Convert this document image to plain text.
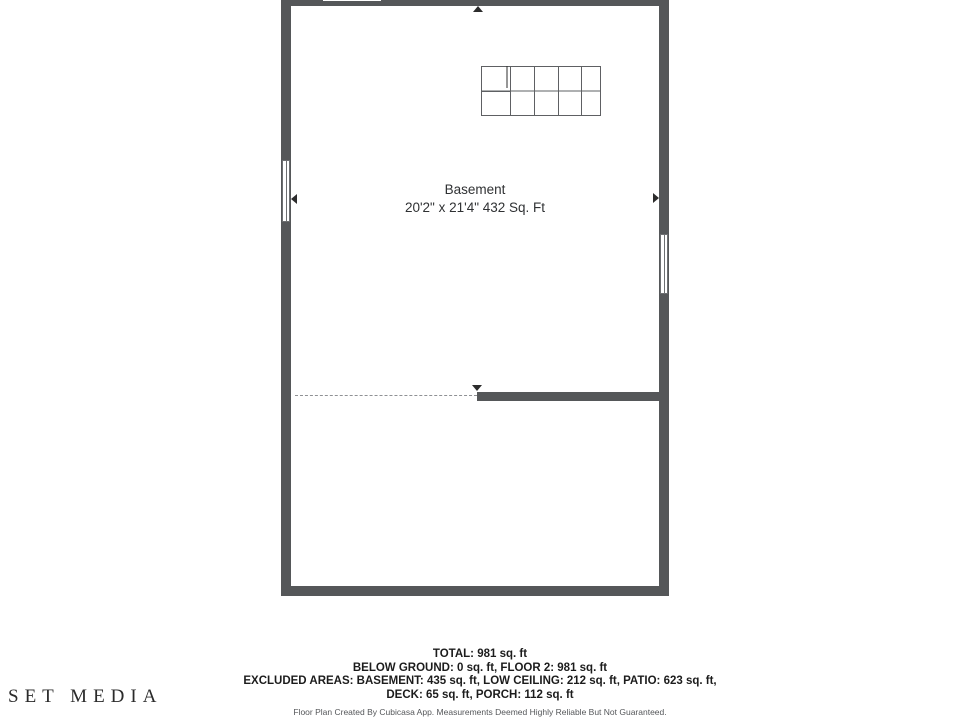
Basement
20'2" x 21'4" 432 Sq. Ft
TOTAL: 981 sq. ft
BELOW GROUND: 0 sq. ft, FLOOR 2: 981 sq. ft
EXCLUDED AREAS: BASEMENT: 435 sq. ft, LOW CEILING: 212 sq. ft, PATIO: 623 sq. ft,
DECK: 65 sq. ft, PORCH: 112 sq. ft
Floor Plan Created By Cubicasa App. Measurements Deemed Highly Reliable But Not Guaranteed.
SET MEDIA
